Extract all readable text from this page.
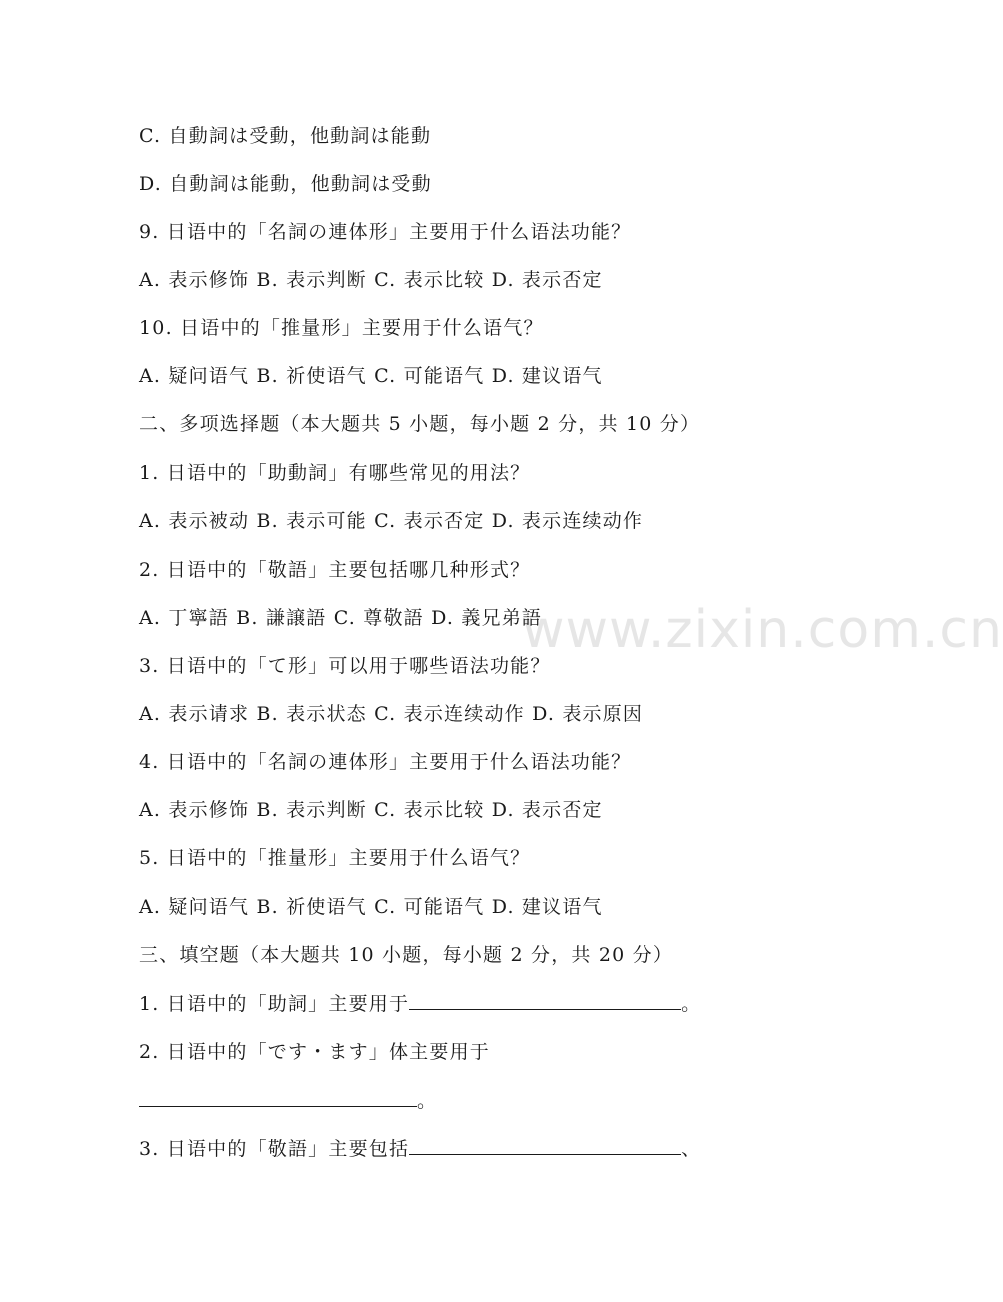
www.zixin.com.cn
C. 自動詞は受動，他動詞は能動
D. 自動詞は能動，他動詞は受動
9. 日语中的「名詞の連体形」主要用于什么语法功能？
A. 表示修饰 B. 表示判断 C. 表示比较 D. 表示否定
10. 日语中的「推量形」主要用于什么语气？
A. 疑问语气 B. 祈使语气 C. 可能语气 D. 建议语气
二、多项选择题（本大题共 5 小题，每小题 2 分，共 10 分）
1. 日语中的「助動詞」有哪些常见的用法？
A. 表示被动 B. 表示可能 C. 表示否定 D. 表示连续动作
2. 日语中的「敬語」主要包括哪几种形式？
A. 丁寧語 B. 謙譲語 C. 尊敬語 D. 義兄弟語
3. 日语中的「て形」可以用于哪些语法功能？
A. 表示请求 B. 表示状态 C. 表示连续动作 D. 表示原因
4. 日语中的「名詞の連体形」主要用于什么语法功能？
A. 表示修饰 B. 表示判断 C. 表示比较 D. 表示否定
5. 日语中的「推量形」主要用于什么语气？
A. 疑问语气 B. 祈使语气 C. 可能语气 D. 建议语气
三、填空题（本大题共 10 小题，每小题 2 分，共 20 分）
1. 日语中的「助詞」主要用于	。
2. 日语中的「です・ます」体主要用于
。
3. 日语中的「敬語」主要包括	、
